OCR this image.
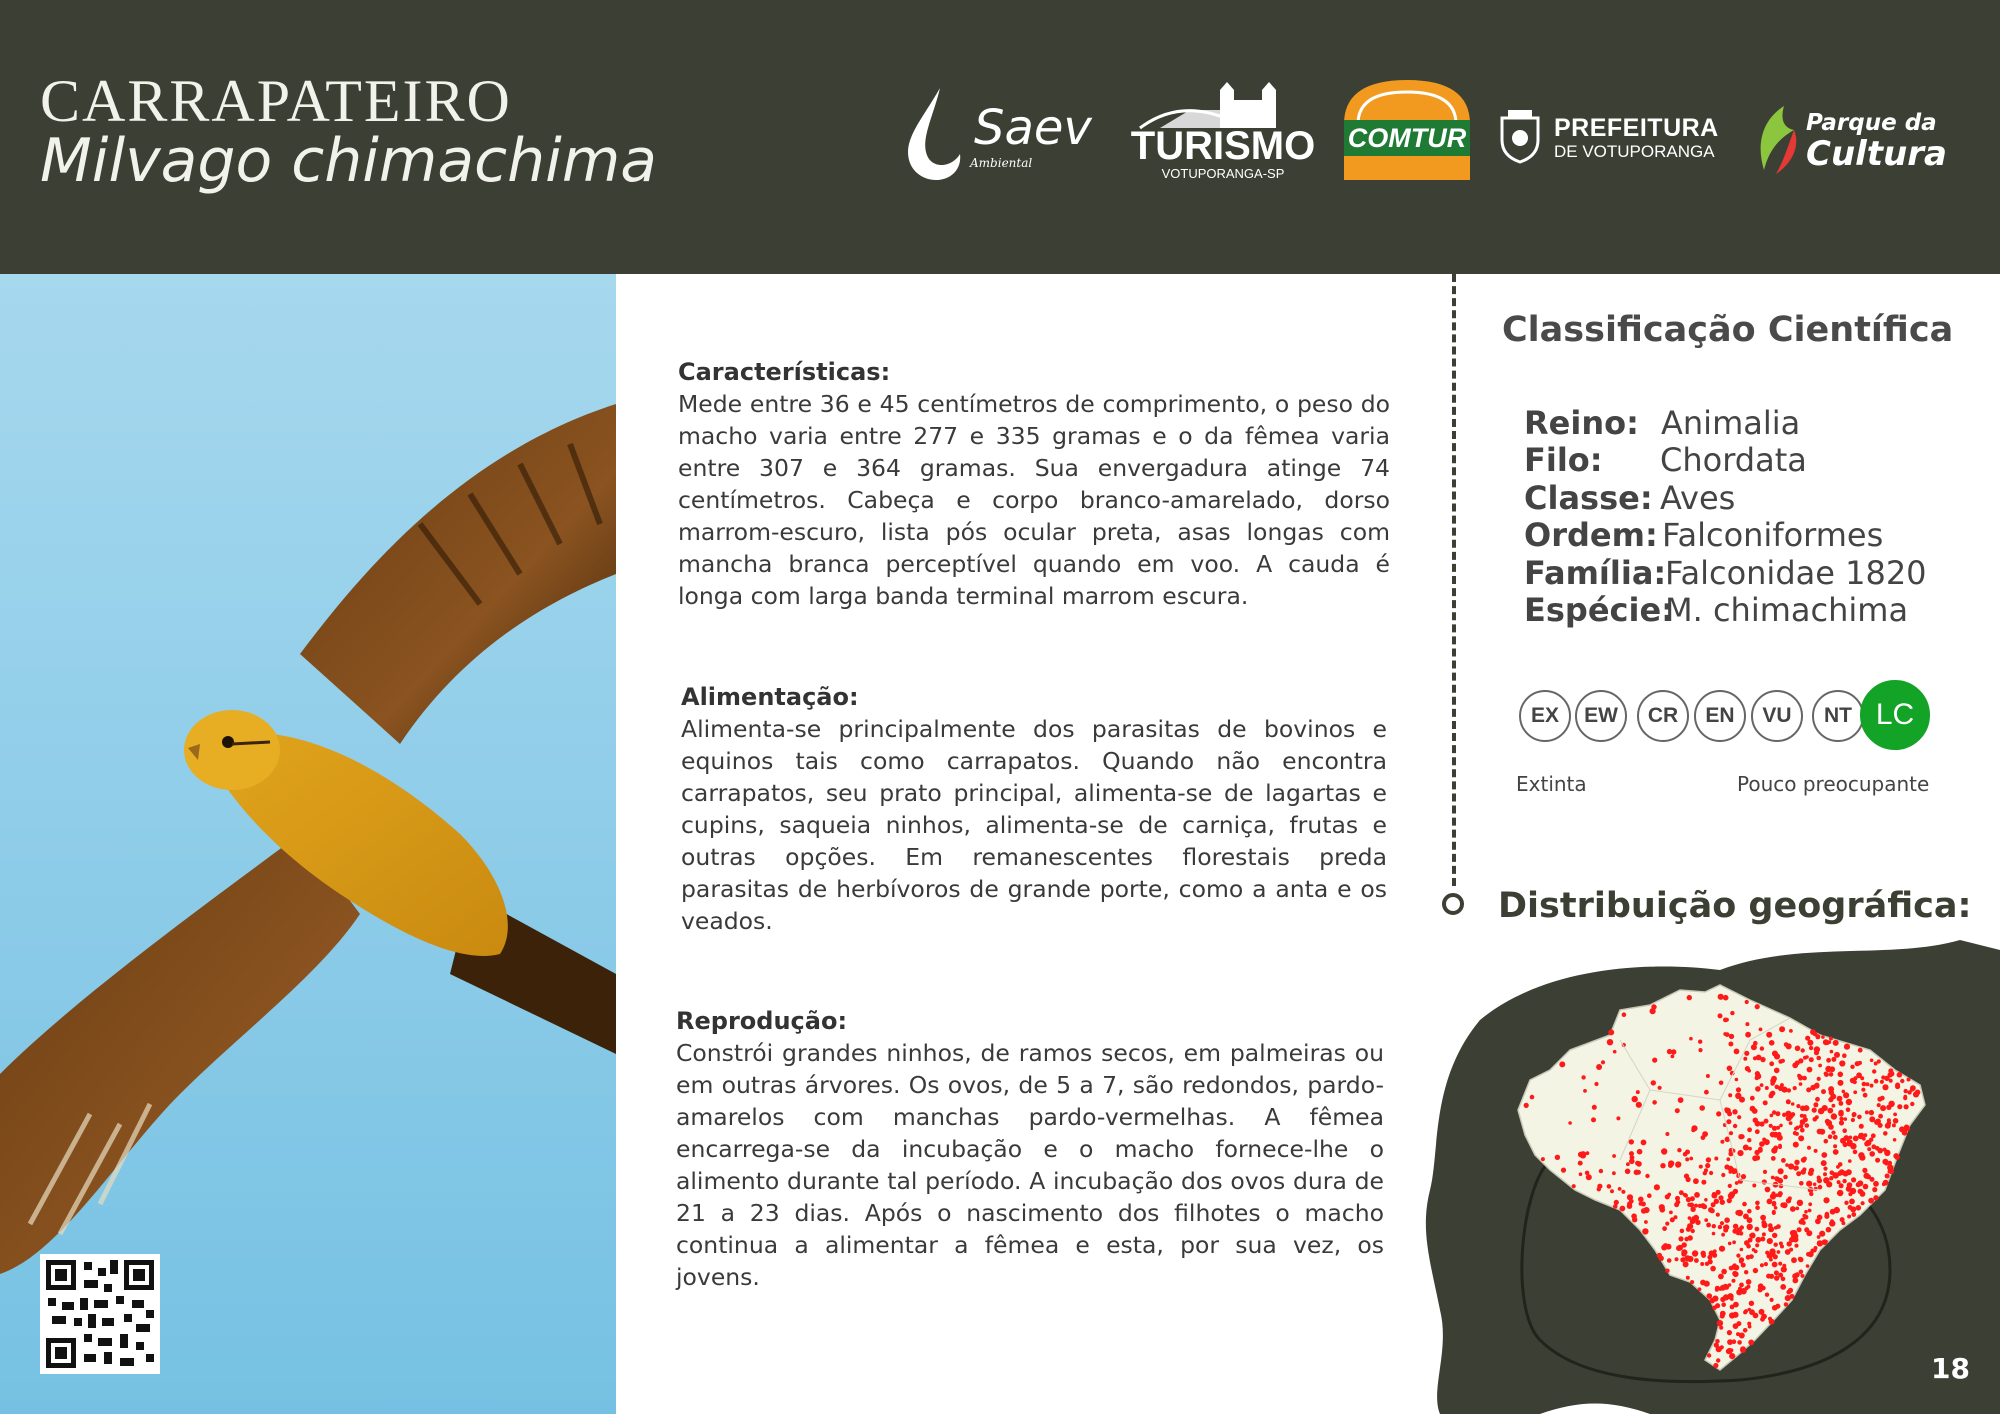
CARRAPATEIRO
Milvago chimachima	Saev
Ambiental TURISMO
VOTUPORANGA-SP
COMTUR	PREFEITURA
DE VOTUPORANGA
Parque da
Cultura
Características:

Mede entre 36 e 45 centímetros de comprimento, o peso do macho varia entre 277 e 335 gramas e o da fêmea varia entre 307 e 364 gramas. Sua envergadura atinge 74 centímetros. Cabeça e corpo branco-amarelado, dorso marrom-escuro, lista pós ocular preta, asas longas com mancha branca perceptível quando em voo. A cauda é longa com larga banda terminal marrom escura.

Alimentação:

Alimenta-se principalmente dos parasitas de bovinos e equinos tais como carrapatos. Quando não encontra carrapatos, seu prato principal, alimenta-se de lagartas e cupins, saqueia ninhos, alimenta-se de carniça, frutas e outras opções. Em remanescentes florestais preda parasitas de herbívoros de grande porte, como a anta e os veados.

Reprodução:

Constrói grandes ninhos, de ramos secos, em palmeiras ou em outras árvores. Os ovos, de 5 a 7, são redondos, pardo-amarelos com manchas pardo-vermelhas. A fêmea encarrega-se da incubação e o macho fornece-lhe o alimento durante tal período. A incubação dos ovos dura de 21 a 23 dias. Após o nascimento dos filhotes o macho continua a alimentar a fêmea e esta, por sua vez, os jovens.

Classificação Científica
Reino: Animalia
Filo: Chordata
Classe: Aves
Ordem: Falconiformes
Família:
Falconidae 1820
Espécie:
M. chimachima
EX	EW	CR	EN	VU	NT LC
Extinta	Pouco preocupante
Distribuição geográfica:
18
